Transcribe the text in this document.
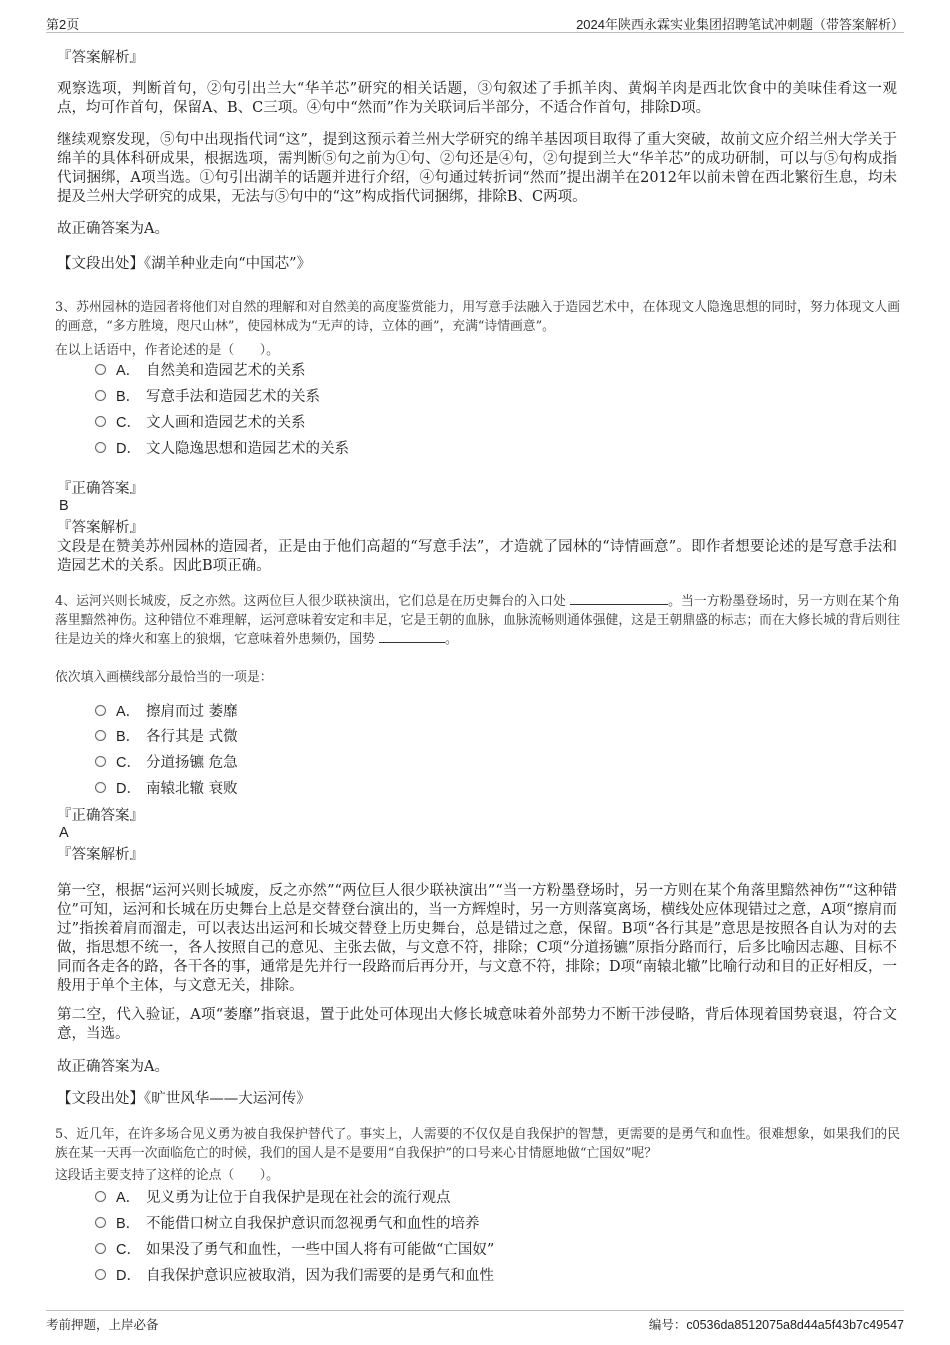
第2页	2024年陕西永霖实业集团招聘笔试冲刺题（带答案解析）
『答案解析』

观察选项，判断首句，②句引出兰大“华羊芯”研究的相关话题，③句叙述了手抓羊肉、黄焖羊肉是西北饮食中的美味佳肴这一观点，均可作首句，保留A、B、C三项。④句中“然而”作为关联词后半部分，不适合作首句，排除D项。

继续观察发现，⑤句中出现指代词“这”，提到这预示着兰州大学研究的绵羊基因项目取得了重大突破，故前文应介绍兰州大学关于绵羊的具体科研成果，根据选项，需判断⑤句之前为①句、②句还是④句，②句提到兰大“华羊芯”的成功研制，可以与⑤句构成指代词捆绑，A项当选。①句引出湖羊的话题并进行介绍，④句通过转折词“然而”提出湖羊在2012年以前未曾在西北繁衍生息，均未提及兰州大学研究的成果，无法与⑤句中的“这”构成指代词捆绑，排除B、C两项。

故正确答案为A。

【文段出处】《湖羊种业走向“中国芯”》

3、苏州园林的造园者将他们对自然的理解和对自然美的高度鉴赏能力，用写意手法融入于造园艺术中，在体现文人隐逸思想的同时，努力体现文人画的画意，“多方胜境，咫尺山林”，使园林成为“无声的诗，立体的画”，充满“诗情画意”。

在以上话语中，作者论述的是（　　）。
A． 自然美和造园艺术的关系
B． 写意手法和造园艺术的关系
C． 文人画和造园艺术的关系
D． 文人隐逸思想和造园艺术的关系
『正确答案』
B
『答案解析』

文段是在赞美苏州园林的造园者，正是由于他们高超的“写意手法”，才造就了园林的“诗情画意”。即作者想要论述的是写意手法和造园艺术的关系。因此B项正确。

4、运河兴则长城废，反之亦然。这两位巨人很少联袂演出，它们总是在历史舞台的入口处	。当一方粉墨登场时，另一方则在某个角落里黯然神伤。这种错位不难理解，运河意味着安定和丰足，它是王朝的血脉，血脉流畅则通体强健，这是王朝鼎盛的标志；而在大修长城的背后则往往是边关的烽火和塞上的狼烟，它意味着外患频仍，国势	。

依次填入画横线部分最恰当的一项是：
A． 擦肩而过 萎靡
B． 各行其是 式微
C． 分道扬镳 危急
D． 南辕北辙 衰败
『正确答案』
A
『答案解析』

第一空，根据“运河兴则长城废，反之亦然”“两位巨人很少联袂演出”“当一方粉墨登场时，另一方则在某个角落里黯然神伤”“这种错位”可知，运河和长城在历史舞台上总是交替登台演出的，当一方辉煌时，另一方则落寞离场，横线处应体现错过之意，A项“擦肩而过”指挨着肩而溜走，可以表达出运河和长城交替登上历史舞台，总是错过之意，保留。B项“各行其是”意思是按照各自认为对的去做，指思想不统一，各人按照自己的意见、主张去做，与文意不符，排除；C项“分道扬镳”原指分路而行，后多比喻因志趣、目标不同而各走各的路，各干各的事，通常是先并行一段路而后再分开，与文意不符，排除；D项“南辕北辙”比喻行动和目的正好相反，一般用于单个主体，与文意无关，排除。

第二空，代入验证，A项“萎靡”指衰退，置于此处可体现出大修长城意味着外部势力不断干涉侵略，背后体现着国势衰退，符合文意，当选。

故正确答案为A。

【文段出处】《旷世风华——大运河传》

5、近几年，在许多场合见义勇为被自我保护替代了。事实上，人需要的不仅仅是自我保护的智慧，更需要的是勇气和血性。很难想象，如果我们的民族在某一天再一次面临危亡的时候，我们的国人是不是要用“自我保护”的口号来心甘情愿地做“亡国奴”呢？

这段话主要支持了这样的论点（　　）。
A． 见义勇为让位于自我保护是现在社会的流行观点
B． 不能借口树立自我保护意识而忽视勇气和血性的培养
C． 如果没了勇气和血性，一些中国人将有可能做“亡国奴”
D． 自我保护意识应被取消，因为我们需要的是勇气和血性
考前押题，上岸必备	编号：c0536da8512075a8d44a5f43b7c49547
